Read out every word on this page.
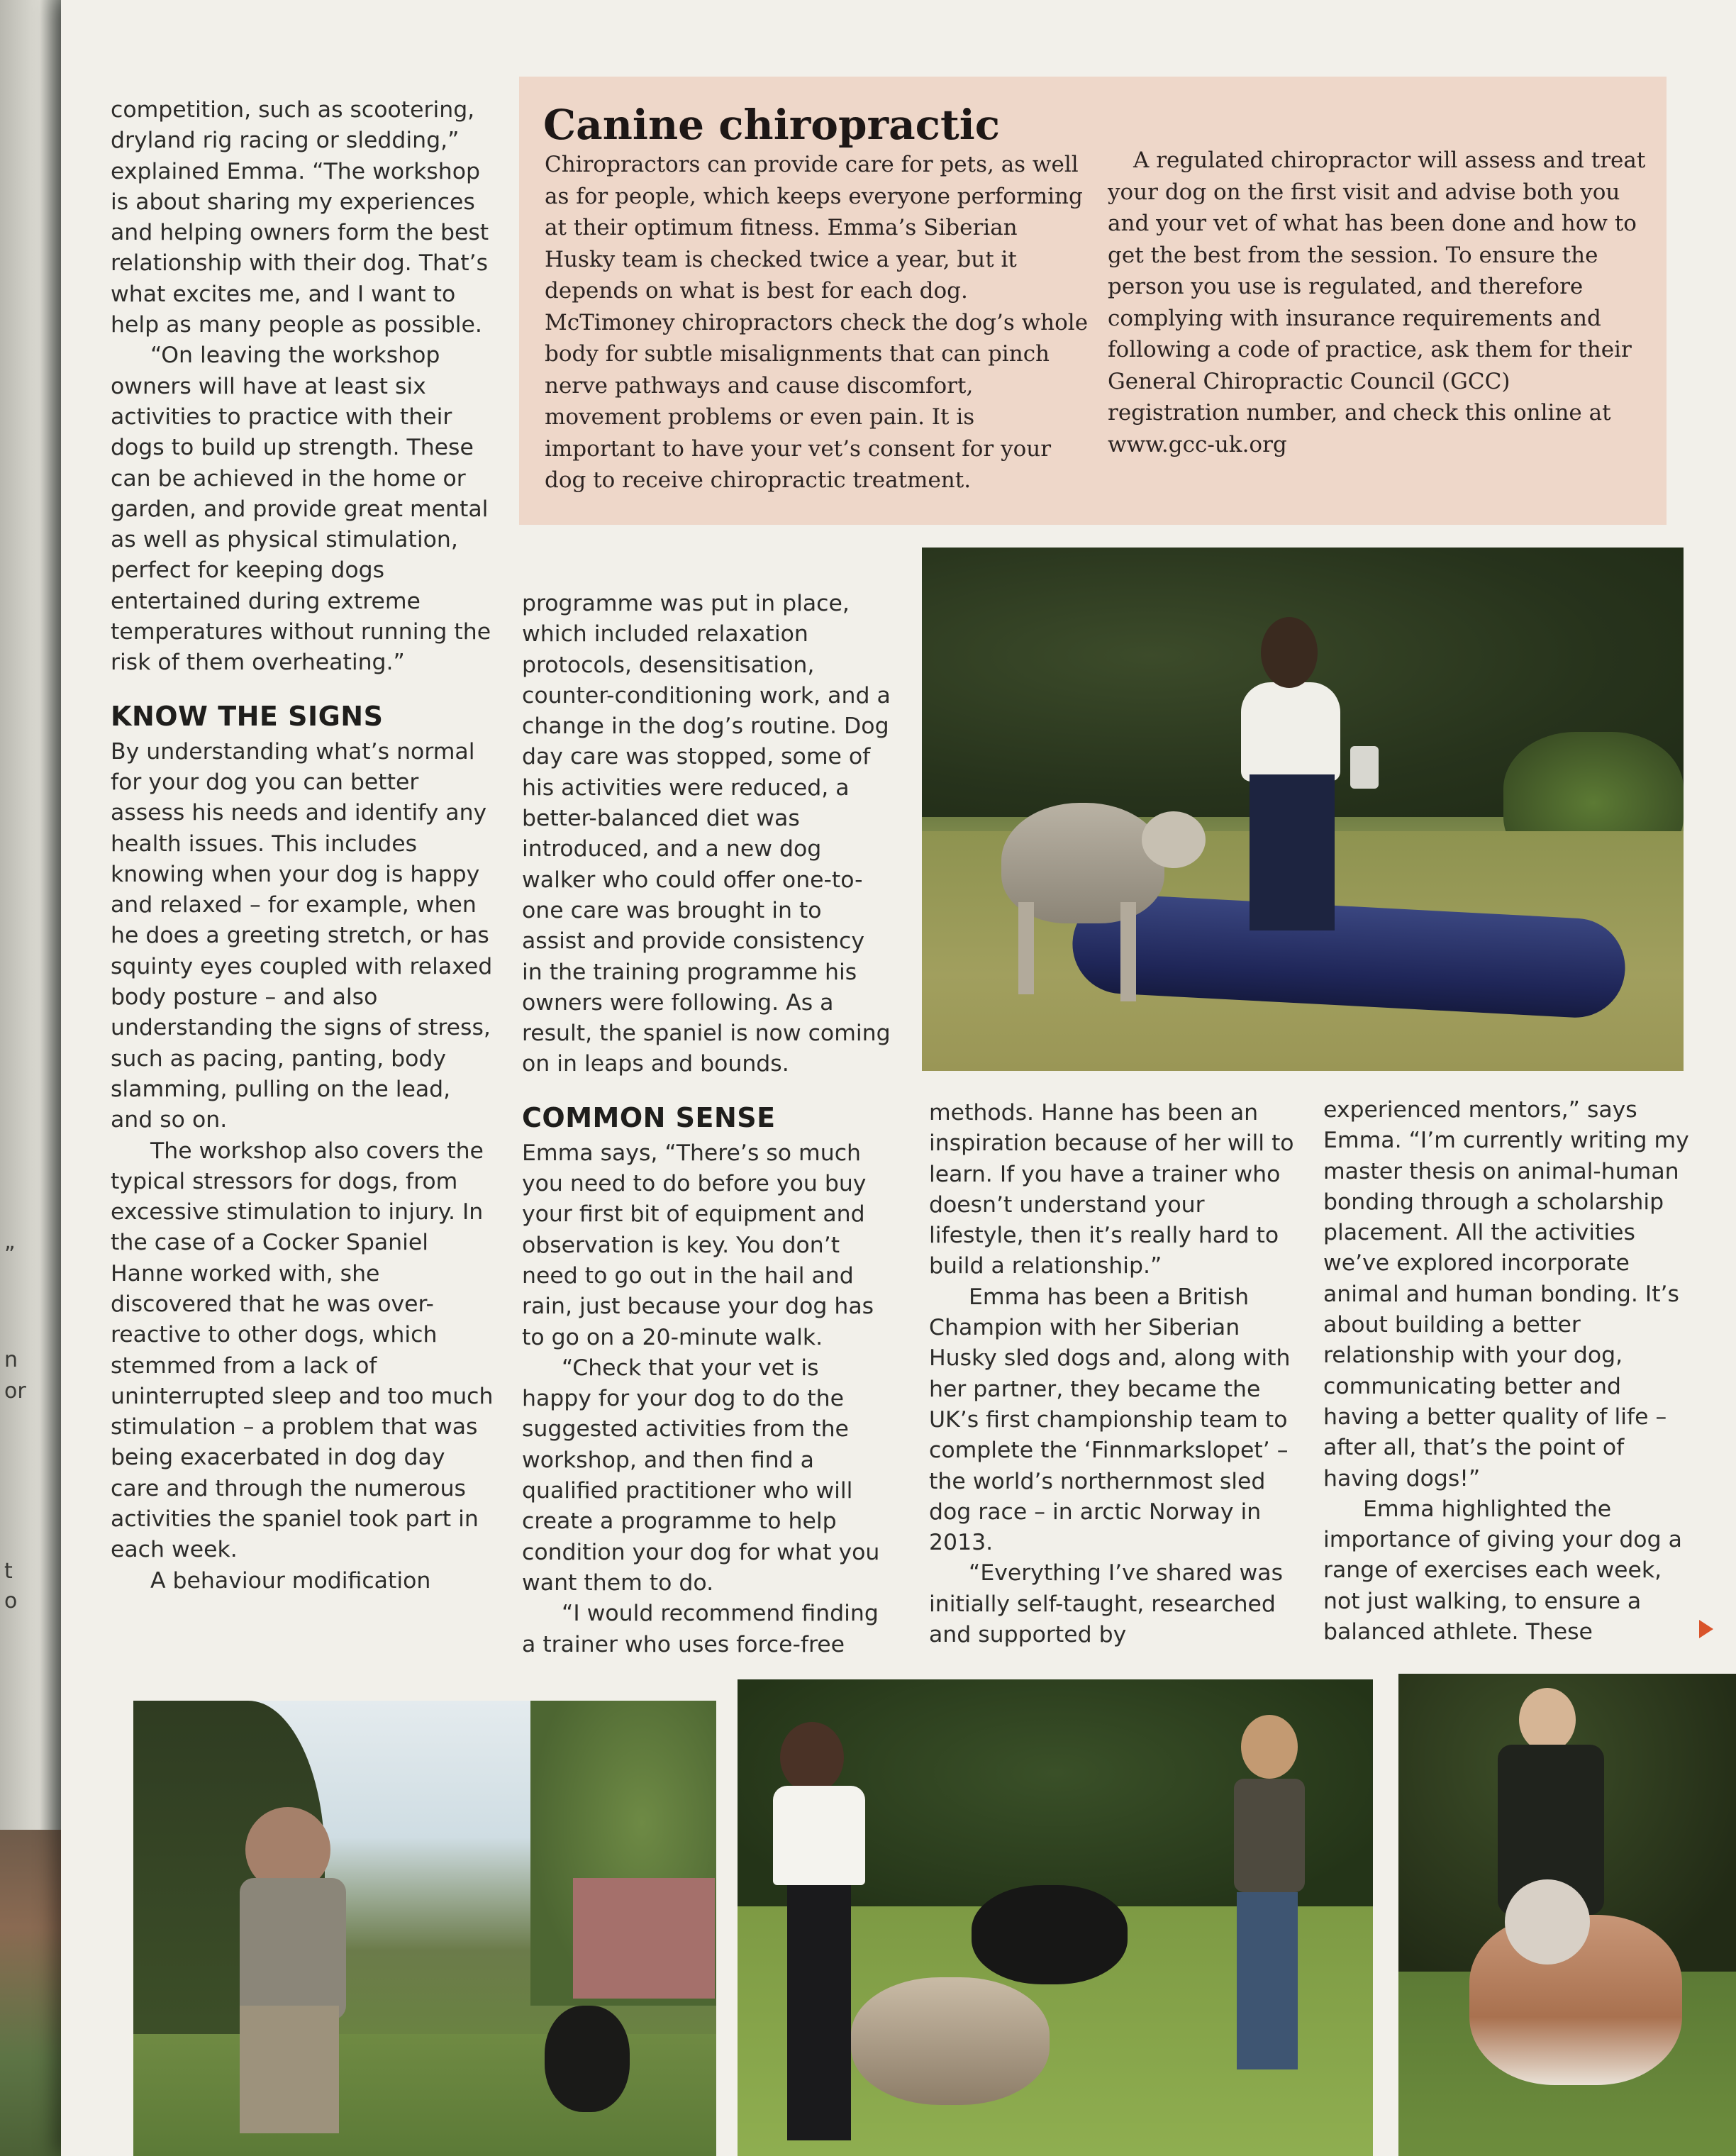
”
n
or
t
o

competition, such as scootering, dryland rig racing or sledding,” explained Emma. “The workshop is about sharing my experiences and helping owners form the best relationship with their dog. That’s what excites me, and I want to help as many people as possible.

“On leaving the workshop owners will have at least six activities to practice with their dogs to build up strength. These can be achieved in the home or garden, and provide great mental as well as physical stimulation, perfect for keeping dogs entertained during extreme temperatures without running the risk of them overheating.”

KNOW THE SIGNS

By understanding what’s normal for your dog you can better assess his needs and identify any health issues. This includes knowing when your dog is happy and relaxed – for example, when he does a greeting stretch, or has squinty eyes coupled with relaxed body posture – and also understanding the signs of stress, such as pacing, panting, body slamming, pulling on the lead, and so on.

The workshop also covers the typical stressors for dogs, from excessive stimulation to injury. In the case of a Cocker Spaniel Hanne worked with, she discovered that he was over-reactive to other dogs, which stemmed from a lack of uninterrupted sleep and too much stimulation – a problem that was being exacerbated in dog day care and through the numerous activities the spaniel took part in each week.

A behaviour modification

Canine chiropractic

Chiropractors can provide care for pets, as well as for people, which keeps everyone performing at their optimum fitness. Emma’s Siberian Husky team is checked twice a year, but it depends on what is best for each dog. McTimoney chiropractors check the dog’s whole body for subtle misalignments that can pinch nerve pathways and cause discomfort, movement problems or even pain. It is important to have your vet’s consent for your dog to receive chiropractic treatment.

A regulated chiropractor will assess and treat your dog on the first visit and advise both you and your vet of what has been done and how to get the best from the session. To ensure the person you use is regulated, and therefore complying with insurance requirements and following a code of practice, ask them for their General Chiropractic Council (GCC) registration number, and check this online at www.gcc-uk.org

programme was put in place, which included relaxation protocols, desensitisation, counter-conditioning work, and a change in the dog’s routine. Dog day care was stopped, some of his activities were reduced, a better-balanced diet was introduced, and a new dog walker who could offer one-to-one care was brought in to assist and provide consistency in the training programme his owners were following. As a result, the spaniel is now coming on in leaps and bounds.

COMMON SENSE

Emma says, “There’s so much you need to do before you buy your first bit of equipment and observation is key. You don’t need to go out in the hail and rain, just because your dog has to go on a 20-minute walk.

“Check that your vet is happy for your dog to do the suggested activities from the workshop, and then find a qualified practitioner who will create a programme to help condition your dog for what you want them to do.

“I would recommend finding a trainer who uses force-free

methods. Hanne has been an inspiration because of her will to learn. If you have a trainer who doesn’t understand your lifestyle, then it’s really hard to build a relationship.”

Emma has been a British Champion with her Siberian Husky sled dogs and, along with her partner, they became the UK’s first championship team to complete the ‘Finnmarkslopet’ – the world’s northernmost sled dog race – in arctic Norway in 2013.

“Everything I’ve shared was initially self-taught, researched and supported by

experienced mentors,” says Emma. “I’m currently writing my master thesis on animal-human bonding through a scholarship placement. All the activities we’ve explored incorporate animal and human bonding. It’s about building a better relationship with your dog, communicating better and having a better quality of life – after all, that’s the point of having dogs!”

Emma highlighted the importance of giving your dog a range of exercises each week, not just walking, to ensure a balanced athlete. These
